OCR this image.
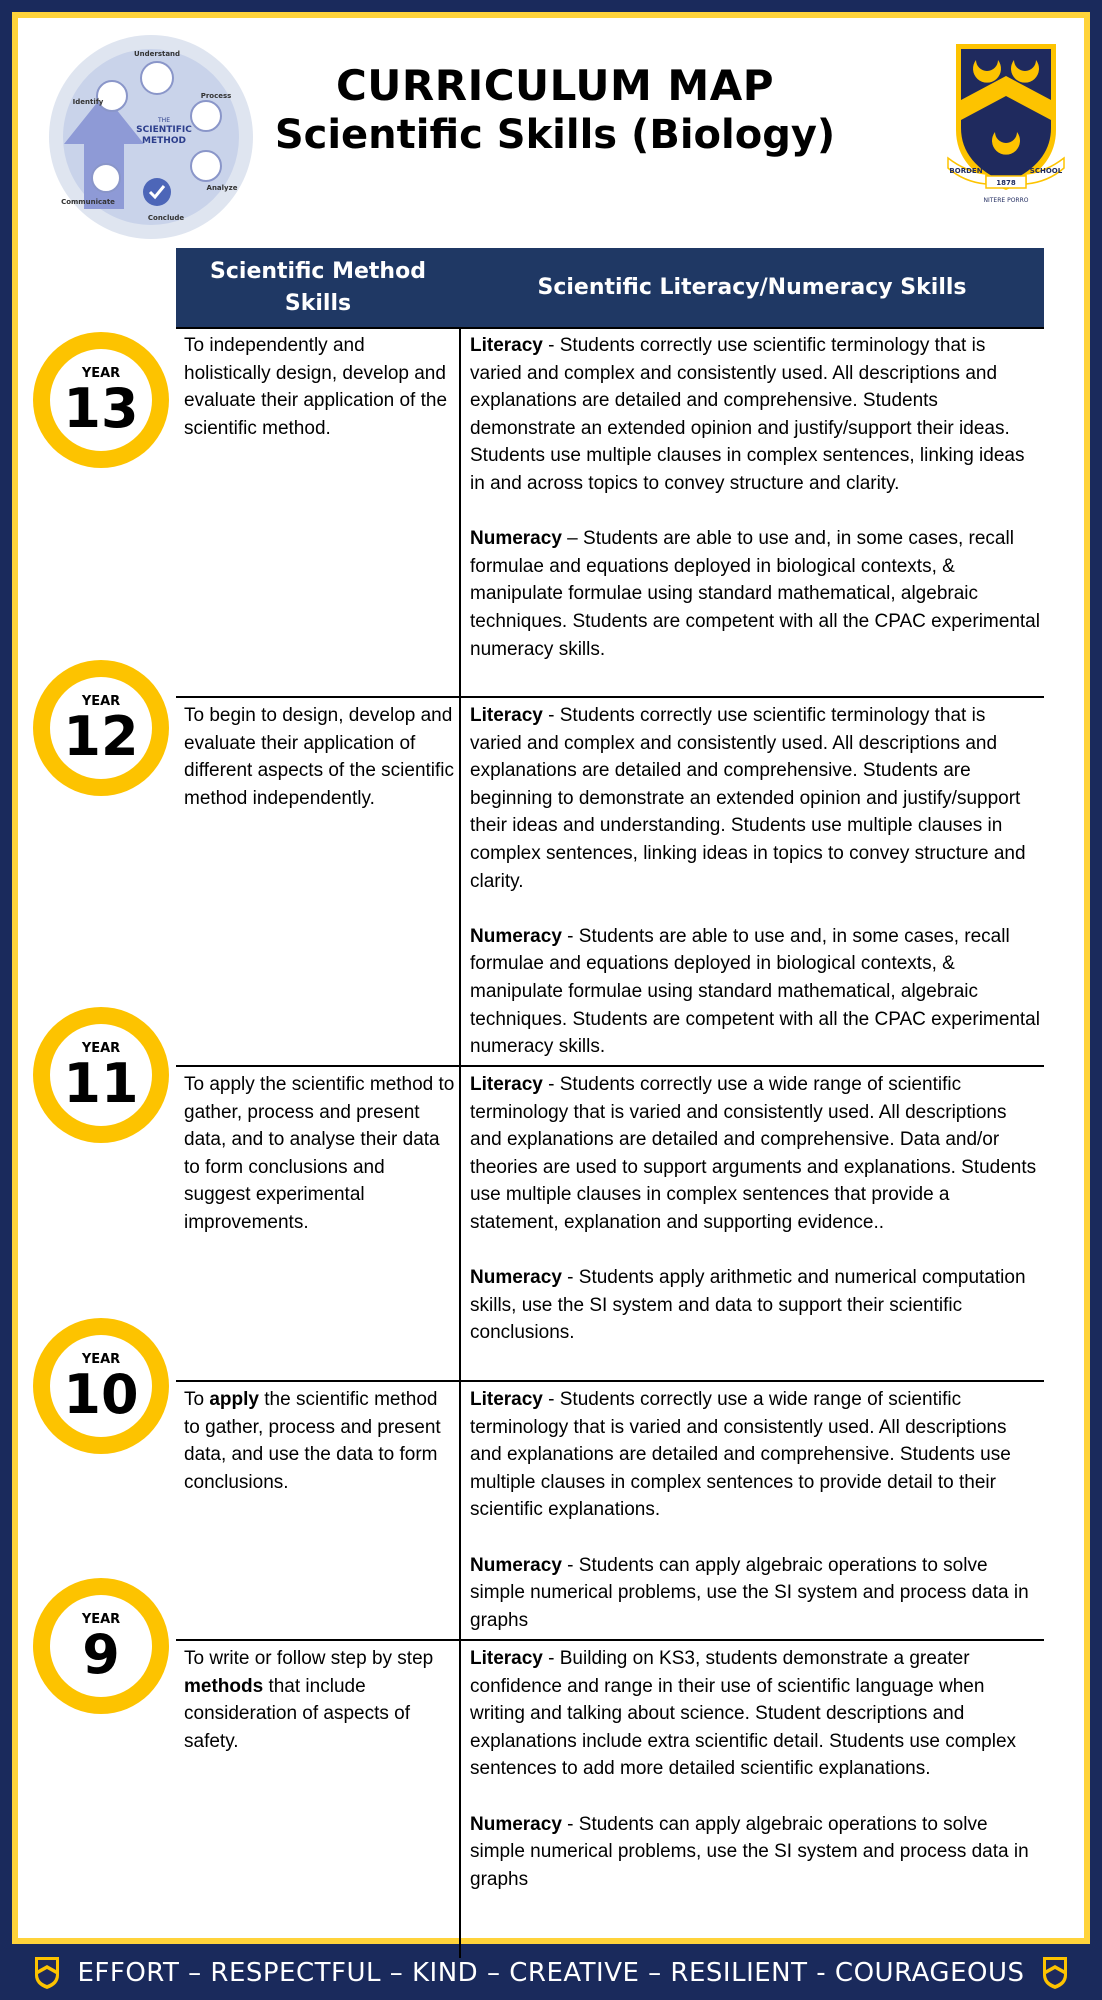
THE
SCIENTIFIC
METHOD
Understand
Process
Analyze
Conclude
Communicate
Identify	CURRICULUM MAP
Scientific Skills (Biology)
BORDEN	SCHOOL
1878
NITERE PORRO
Scientific Method Skills
Scientific Literacy/Numeracy Skills
YEAR
13
YEAR
12
YEAR
11
YEAR
10
YEAR
9
To independently and holistically design, develop and evaluate their application of the scientific method.
Literacy - Students correctly use scientific terminology that is varied and complex and consistently used. All descriptions and explanations are detailed and comprehensive. Students demonstrate an extended opinion and justify/support their ideas. Students use multiple clauses in complex sentences, linking ideas in and across topics to convey structure and clarity.
Numeracy – Students are able to use and, in some cases, recall formulae and equations deployed in biological contexts, & manipulate formulae using standard mathematical, algebraic techniques. Students are competent with all the CPAC experimental numeracy skills.
To begin to design, develop and evaluate their application of different aspects of the scientific method independently.
Literacy - Students correctly use scientific terminology that is varied and complex and consistently used. All descriptions and explanations are detailed and comprehensive. Students are beginning to demonstrate an extended opinion and justify/support their ideas and understanding. Students use multiple clauses in complex sentences, linking ideas in topics to convey structure and clarity.
Numeracy - Students are able to use and, in some cases, recall formulae and equations deployed in biological contexts, & manipulate formulae using standard mathematical, algebraic techniques. Students are competent with all the CPAC experimental numeracy skills.
To apply the scientific method to gather, process and present data, and to analyse their data to form conclusions and suggest experimental improvements.
Literacy - Students correctly use a wide range of scientific terminology that is varied and consistently used. All descriptions and explanations are detailed and comprehensive. Data and/or theories are used to support arguments and explanations. Students use multiple clauses in complex sentences that provide a statement, explanation and supporting evidence..
Numeracy - Students apply arithmetic and numerical computation skills, use the SI system and data to support their scientific conclusions.
To apply the scientific method to gather, process and present data, and use the data to form conclusions.
Literacy - Students correctly use a wide range of scientific terminology that is varied and consistently used. All descriptions and explanations are detailed and comprehensive. Students use multiple clauses in complex sentences to provide detail to their scientific explanations.
Numeracy - Students can apply algebraic operations to solve simple numerical problems, use the SI system and process data in graphs
To write or follow step by step methods that include consideration of aspects of safety.
Literacy - Building on KS3, students demonstrate a greater confidence and range in their use of scientific language when writing and talking about science. Student descriptions and explanations include extra scientific detail. Students use complex sentences to add more detailed scientific explanations.
Numeracy - Students can apply algebraic operations to solve simple numerical problems, use the SI system and process data in graphs
EFFORT – RESPECTFUL – KIND – CREATIVE – RESILIENT - COURAGEOUS
